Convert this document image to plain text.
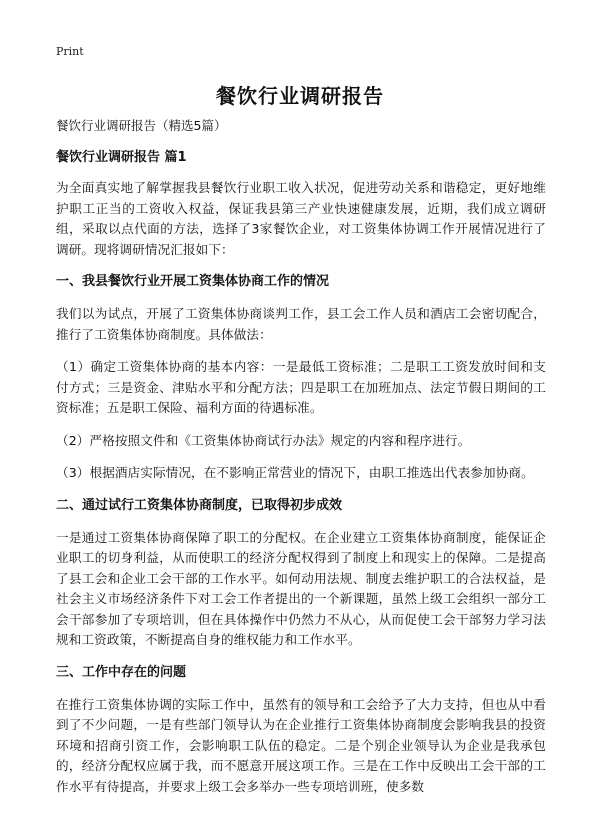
Print
餐饮行业调研报告

餐饮行业调研报告（精选5篇）

餐饮行业调研报告 篇1

为全面真实地了解掌握我县餐饮行业职工收入状况，促进劳动关系和谐稳定，更好地维护职工正当的工资收入权益，保证我县第三产业快速健康发展，近期，我们成立调研组，采取以点代面的方法，选择了3家餐饮企业，对工资集体协调工作开展情况进行了调研。现将调研情况汇报如下：

一、我县餐饮行业开展工资集体协商工作的情况

我们以为试点，开展了工资集体协商谈判工作，县工会工作人员和酒店工会密切配合，推行了工资集体协商制度。具体做法：

（1）确定工资集体协商的基本内容：一是最低工资标准；二是职工工资发放时间和支付方式；三是资金、津贴水平和分配方法；四是职工在加班加点、法定节假日期间的工资标准；五是职工保险、福利方面的待遇标准。

（2）严格按照文件和《工资集体协商试行办法》规定的内容和程序进行。

（3）根据酒店实际情况，在不影响正常营业的情况下，由职工推选出代表参加协商。

二、通过试行工资集体协商制度，已取得初步成效

一是通过工资集体协商保障了职工的分配权。在企业建立工资集体协商制度，能保证企业职工的切身利益，从而使职工的经济分配权得到了制度上和现实上的保障。二是提高了县工会和企业工会干部的工作水平。如何动用法规、制度去维护职工的合法权益，是社会主义市场经济条件下对工会工作者提出的一个新课题，虽然上级工会组织一部分工会干部参加了专项培训，但在具体操作中仍然力不从心，从而促使工会干部努力学习法规和工资政策，不断提高自身的维权能力和工作水平。

三、工作中存在的问题

在推行工资集体协调的实际工作中，虽然有的领导和工会给予了大力支持，但也从中看到了不少问题，一是有些部门领导认为在企业推行工资集体协商制度会影响我县的投资环境和招商引资工作，会影响职工队伍的稳定。二是个别企业领导认为企业是我承包的，经济分配权应属于我，而不愿意开展这项工作。三是在工作中反映出工会干部的工作水平有待提高，并要求上级工会多举办一些专项培训班，使多数
